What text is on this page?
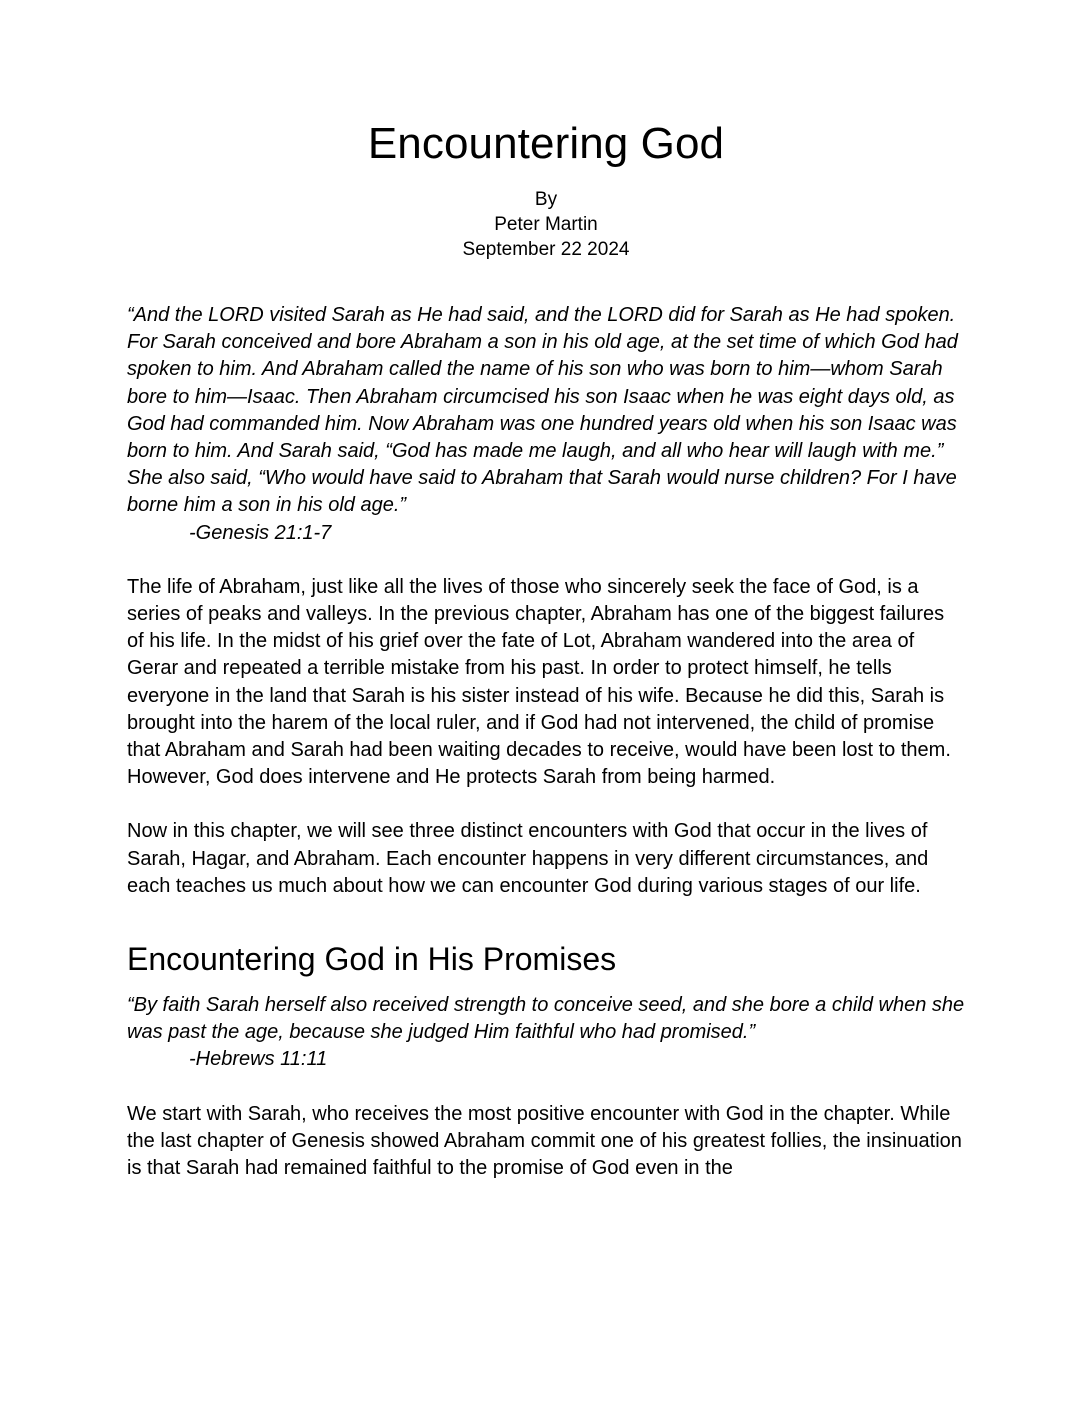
Encountering God
By
Peter Martin
September 22 2024

“And the LORD visited Sarah as He had said, and the LORD did for Sarah as He had spoken. For Sarah conceived and bore Abraham a son in his old age, at the set time of which God had spoken to him. And Abraham called the name of his son who was born to him—whom Sarah bore to him—Isaac. Then Abraham circumcised his son Isaac when he was eight days old, as God had commanded him. Now Abraham was one hundred years old when his son Isaac was born to him. And Sarah said, “God has made me laugh, and all who hear will laugh with me.” She also said, “Who would have said to Abraham that Sarah would nurse children? For I have borne him a son in his old age.”

-Genesis 21:1-7

The life of Abraham, just like all the lives of those who sincerely seek the face of God, is a series of peaks and valleys. In the previous chapter, Abraham has one of the biggest failures of his life. In the midst of his grief over the fate of Lot, Abraham wandered into the area of Gerar and repeated a terrible mistake from his past. In order to protect himself, he tells everyone in the land that Sarah is his sister instead of his wife. Because he did this, Sarah is brought into the harem of the local ruler, and if God had not intervened, the child of promise that Abraham and Sarah had been waiting decades to receive, would have been lost to them. However, God does intervene and He protects Sarah from being harmed.

Now in this chapter, we will see three distinct encounters with God that occur in the lives of Sarah, Hagar, and Abraham. Each encounter happens in very different circumstances, and each teaches us much about how we can encounter God during various stages of our life.

Encountering God in His Promises

“By faith Sarah herself also received strength to conceive seed, and she bore a child when she was past the age, because she judged Him faithful who had promised.”

-Hebrews 11:11

We start with Sarah, who receives the most positive encounter with God in the chapter. While the last chapter of Genesis showed Abraham commit one of his greatest follies, the insinuation is that Sarah had remained faithful to the promise of God even in the
